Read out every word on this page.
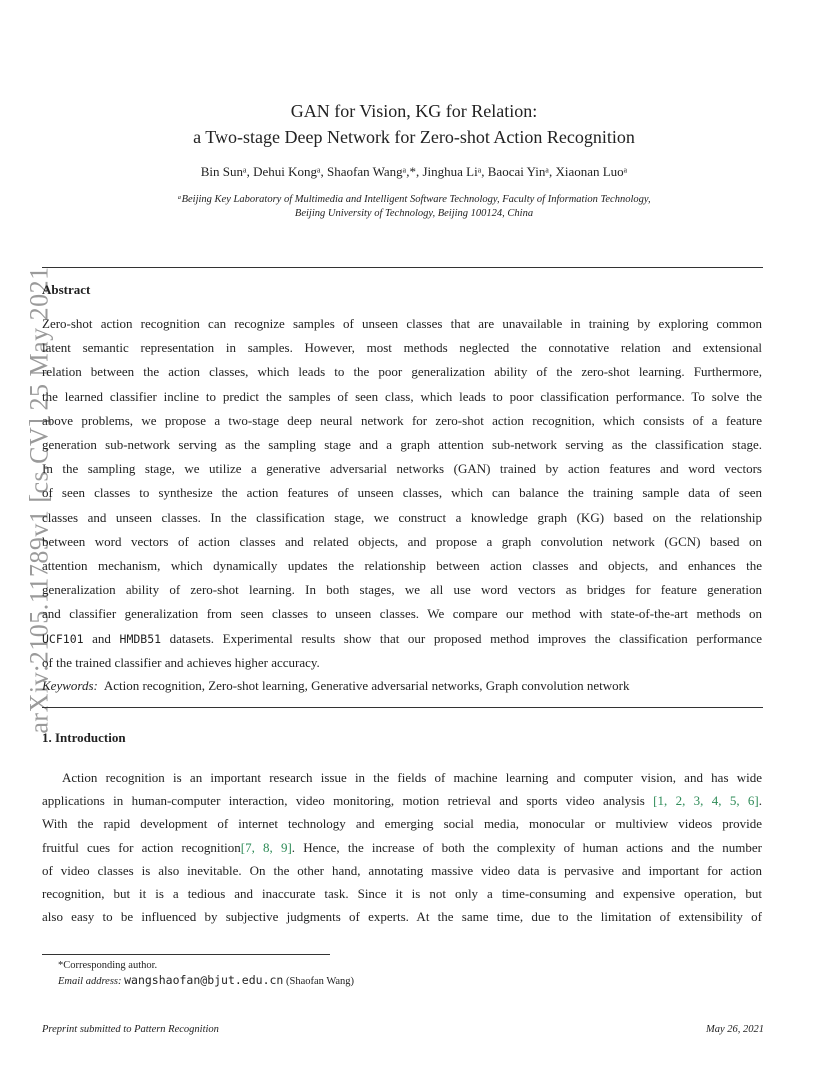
arXiv:2105.11789v1 [cs.CV] 25 May 2021
GAN for Vision, KG for Relation:
a Two-stage Deep Network for Zero-shot Action Recognition
Bin Sunᵃ, Dehui Kongᵃ, Shaofan Wangᵃ,*, Jinghua Liᵃ, Baocai Yinᵃ, Xiaonan Luoᵃ
ᵃBeijing Key Laboratory of Multimedia and Intelligent Software Technology, Faculty of Information Technology,
Beijing University of Technology, Beijing 100124, China
Abstract
Zero-shot action recognition can recognize samples of unseen classes that are unavailable in training by exploring common
latent semantic representation in samples. However, most methods neglected the connotative relation and extensional
relation between the action classes, which leads to the poor generalization ability of the zero-shot learning. Furthermore,
the learned classifier incline to predict the samples of seen class, which leads to poor classification performance. To solve the
above problems, we propose a two-stage deep neural network for zero-shot action recognition, which consists of a feature
generation sub-network serving as the sampling stage and a graph attention sub-network serving as the classification stage.
In the sampling stage, we utilize a generative adversarial networks (GAN) trained by action features and word vectors
of seen classes to synthesize the action features of unseen classes, which can balance the training sample data of seen
classes and unseen classes. In the classification stage, we construct a knowledge graph (KG) based on the relationship
between word vectors of action classes and related objects, and propose a graph convolution network (GCN) based on
attention mechanism, which dynamically updates the relationship between action classes and objects, and enhances the
generalization ability of zero-shot learning. In both stages, we all use word vectors as bridges for feature generation
and classifier generalization from seen classes to unseen classes. We compare our method with state-of-the-art methods on
UCF101 and HMDB51 datasets. Experimental results show that our proposed method improves the classification performance
of the trained classifier and achieves higher accuracy.
Keywords: Action recognition, Zero-shot learning, Generative adversarial networks, Graph convolution network
1. Introduction
Action recognition is an important research issue in the fields of machine learning and computer vision, and has wide
applications in human-computer interaction, video monitoring, motion retrieval and sports video analysis [1, 2, 3, 4, 5, 6].
With the rapid development of internet technology and emerging social media, monocular or multiview videos provide
fruitful cues for action recognition[7, 8, 9]. Hence, the increase of both the complexity of human actions and the number
of video classes is also inevitable. On the other hand, annotating massive video data is pervasive and important for action
recognition, but it is a tedious and inaccurate task. Since it is not only a time-consuming and expensive operation, but
also easy to be influenced by subjective judgments of experts. At the same time, due to the limitation of extensibility of
*Corresponding author.
Email address: wangshaofan@bjut.edu.cn (Shaofan Wang)
Preprint submitted to Pattern Recognition	May 26, 2021
